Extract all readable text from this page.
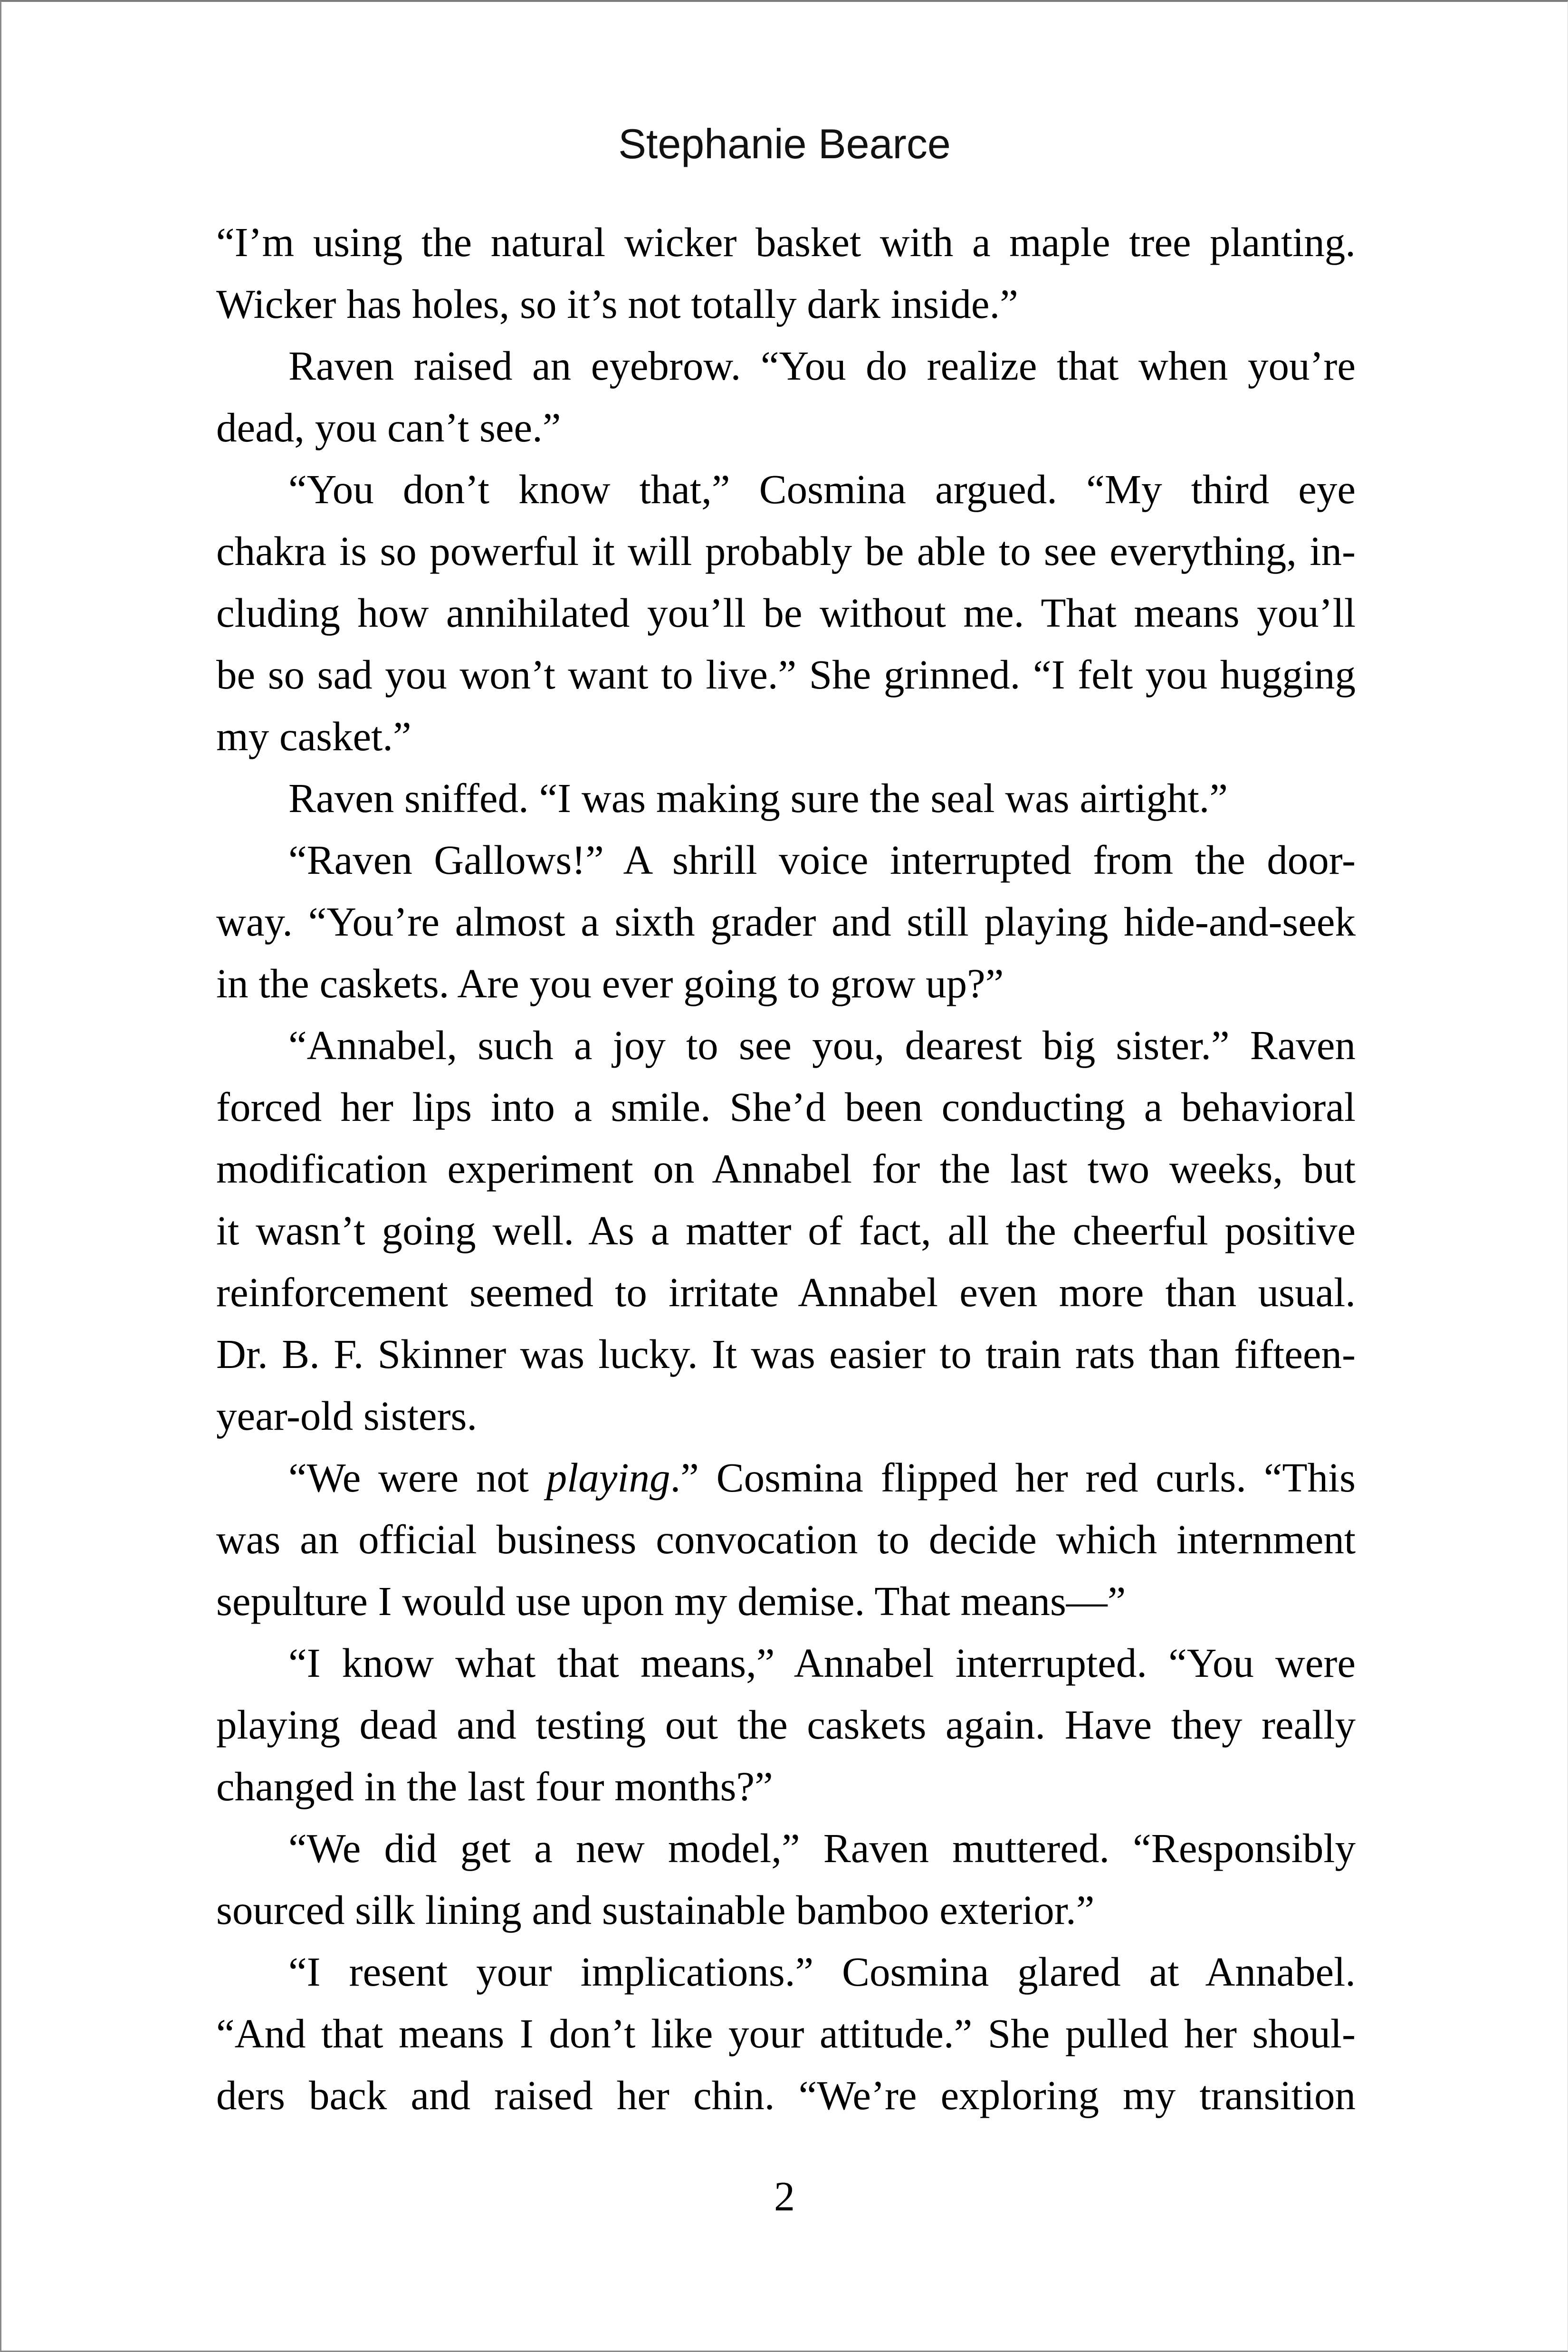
Stephanie Bearce
“I’m using the natural wicker basket with a maple tree planting.
Wicker has holes, so it’s not totally dark inside.”
Raven raised an eyebrow. “You do realize that when you’re
dead, you can’t see.”
“You don’t know that,” Cosmina argued. “My third eye
chakra is so powerful it will probably be able to see everything, in-
cluding how annihilated you’ll be without me. That means you’ll
be so sad you won’t want to live.” She grinned. “I felt you hugging
my casket.”
Raven sniffed. “I was making sure the seal was airtight.”
“Raven Gallows!” A shrill voice interrupted from the door-
way. “You’re almost a sixth grader and still playing hide-and-seek
in the caskets. Are you ever going to grow up?”
“Annabel, such a joy to see you, dearest big sister.” Raven
forced her lips into a smile. She’d been conducting a behavioral
modification experiment on Annabel for the last two weeks, but
it wasn’t going well. As a matter of fact, all the cheerful positive
reinforcement seemed to irritate Annabel even more than usual.
Dr. B. F. Skinner was lucky. It was easier to train rats than fifteen-
year-old sisters.
“We were not playing.” Cosmina flipped her red curls. “This
was an official business convocation to decide which internment
sepulture I would use upon my demise. That means—”
“I know what that means,” Annabel interrupted. “You were
playing dead and testing out the caskets again. Have they really
changed in the last four months?”
“We did get a new model,” Raven muttered. “Responsibly
sourced silk lining and sustainable bamboo exterior.”
“I resent your implications.” Cosmina glared at Annabel.
“And that means I don’t like your attitude.” She pulled her shoul-
ders back and raised her chin. “We’re exploring my transition
2
